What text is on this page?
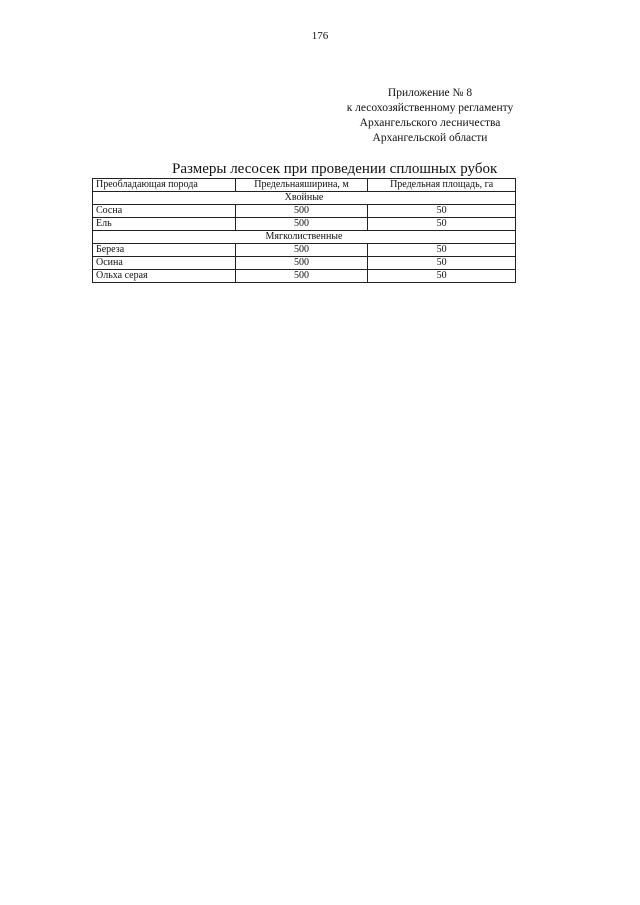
176
Приложение № 8
к лесохозяйственному регламенту
Архангельского лесничества
Архангельской области
Размеры лесосек при проведении сплошных рубок
Преобладающая порода	Предельнаяширина, м	Предельная площадь, га
Хвойные		
Сосна	500	50
Ель	500	50
Мягколиственные		
Береза	500	50
Осина	500	50
Ольха серая	500	50
